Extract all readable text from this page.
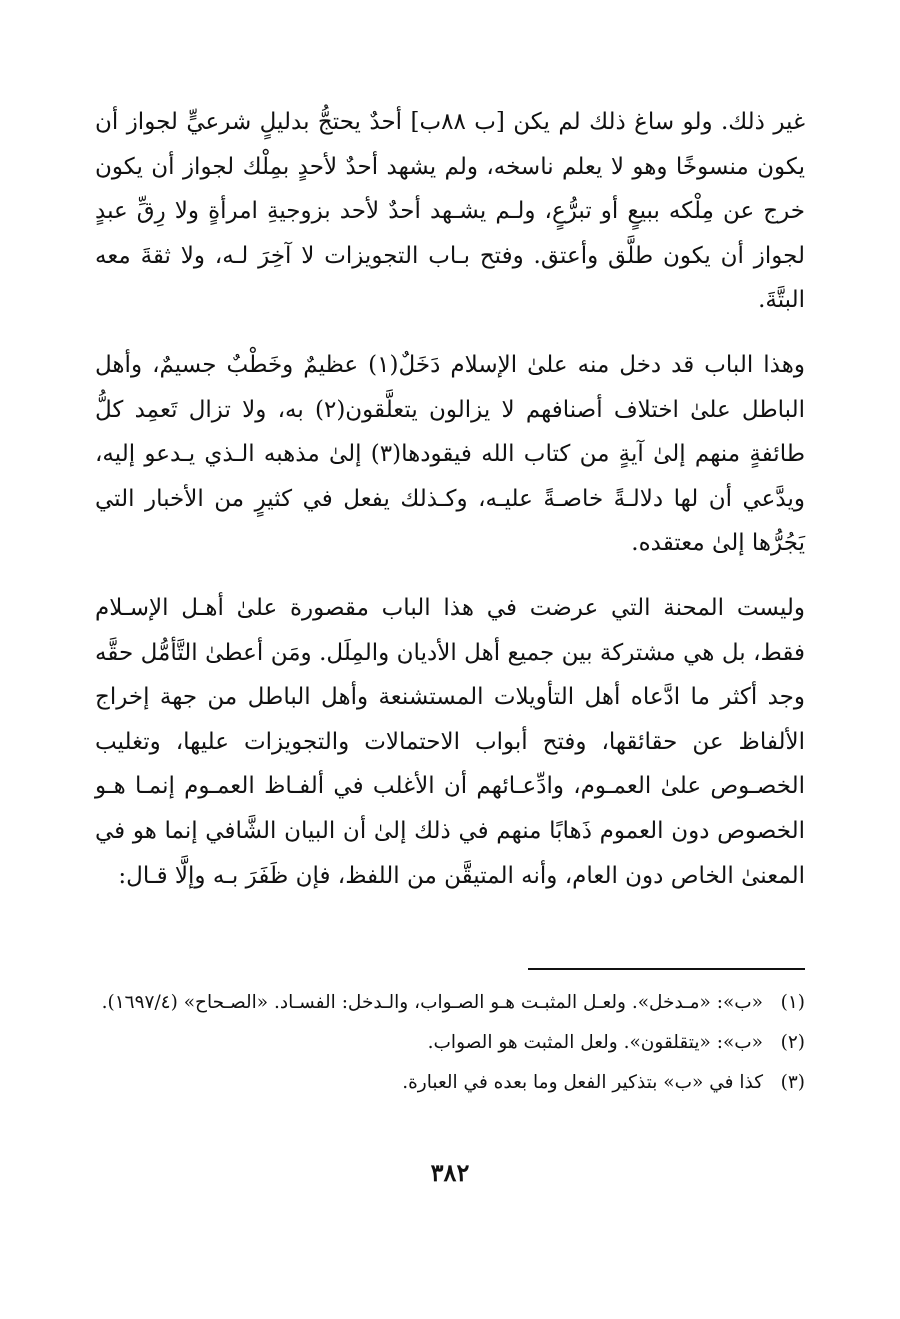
غير ذلك. ولو ساغ ذلك لم يكن [ب ٨٨ب] أحدٌ يحتجُّ بدليلٍ شرعيٍّ لجواز أن يكون منسوخًا وهو لا يعلم ناسخه، ولم يشهد أحدٌ لأحدٍ بمِلْك لجواز أن يكون خرج عن مِلْكه ببيعٍ أو تبرُّعٍ، ولـم يشـهد أحدٌ لأحد بزوجيةِ امرأةٍ ولا رِقِّ عبدٍ لجواز أن يكون طلَّق وأعتق. وفتح بـاب التجويزات لا آخِرَ لـه، ولا ثقةَ معه البتَّةَ.

وهذا الباب قد دخل منه علىٰ الإسلام دَخَلٌ(١) عظيمٌ وخَطْبٌ جسيمٌ، وأهل الباطل علىٰ اختلاف أصنافهم لا يزالون يتعلَّقون(٢) به، ولا تزال تَعمِد كلُّ طائفةٍ منهم إلىٰ آيةٍ من كتاب الله فيقودها(٣) إلىٰ مذهبه الـذي يـدعو إليه، ويدَّعي أن لها دلالـةً خاصـةً عليـه، وكـذلك يفعل في كثيرٍ من الأخبار التي يَجُرُّها إلىٰ معتقده.

وليست المحنة التي عرضت في هذا الباب مقصورة علىٰ أهـل الإسـلام فقط، بل هي مشتركة بين جميع أهل الأديان والمِلَل. ومَن أعطىٰ التَّأمُّل حقَّه وجد أكثر ما ادَّعاه أهل التأويلات المستشنعة وأهل الباطل من جهة إخراج الألفاظ عن حقائقها، وفتح أبواب الاحتمالات والتجويزات عليها، وتغليب الخصـوص علىٰ العمـوم، وادِّعـائهم أن الأغلب في ألفـاظ العمـوم إنمـا هـو الخصوص دون العموم ذَهابًا منهم في ذلك إلىٰ أن البيان الشَّافي إنما هو في المعنىٰ الخاص دون العام، وأنه المتيقَّن من اللفظ، فإن ظَفَرَ بـه وإلَّا قـال:

(١)
«ب»: «مـدخل». ولعـل المثبـت هـو الصـواب، والـدخل: الفسـاد. «الصـحاح» (١٦٩٧/٤).
(٢)
«ب»: «يتقلقون». ولعل المثبت هو الصواب.
(٣)
كذا في «ب» بتذكير الفعل وما بعده في العبارة.
٣٨٢
